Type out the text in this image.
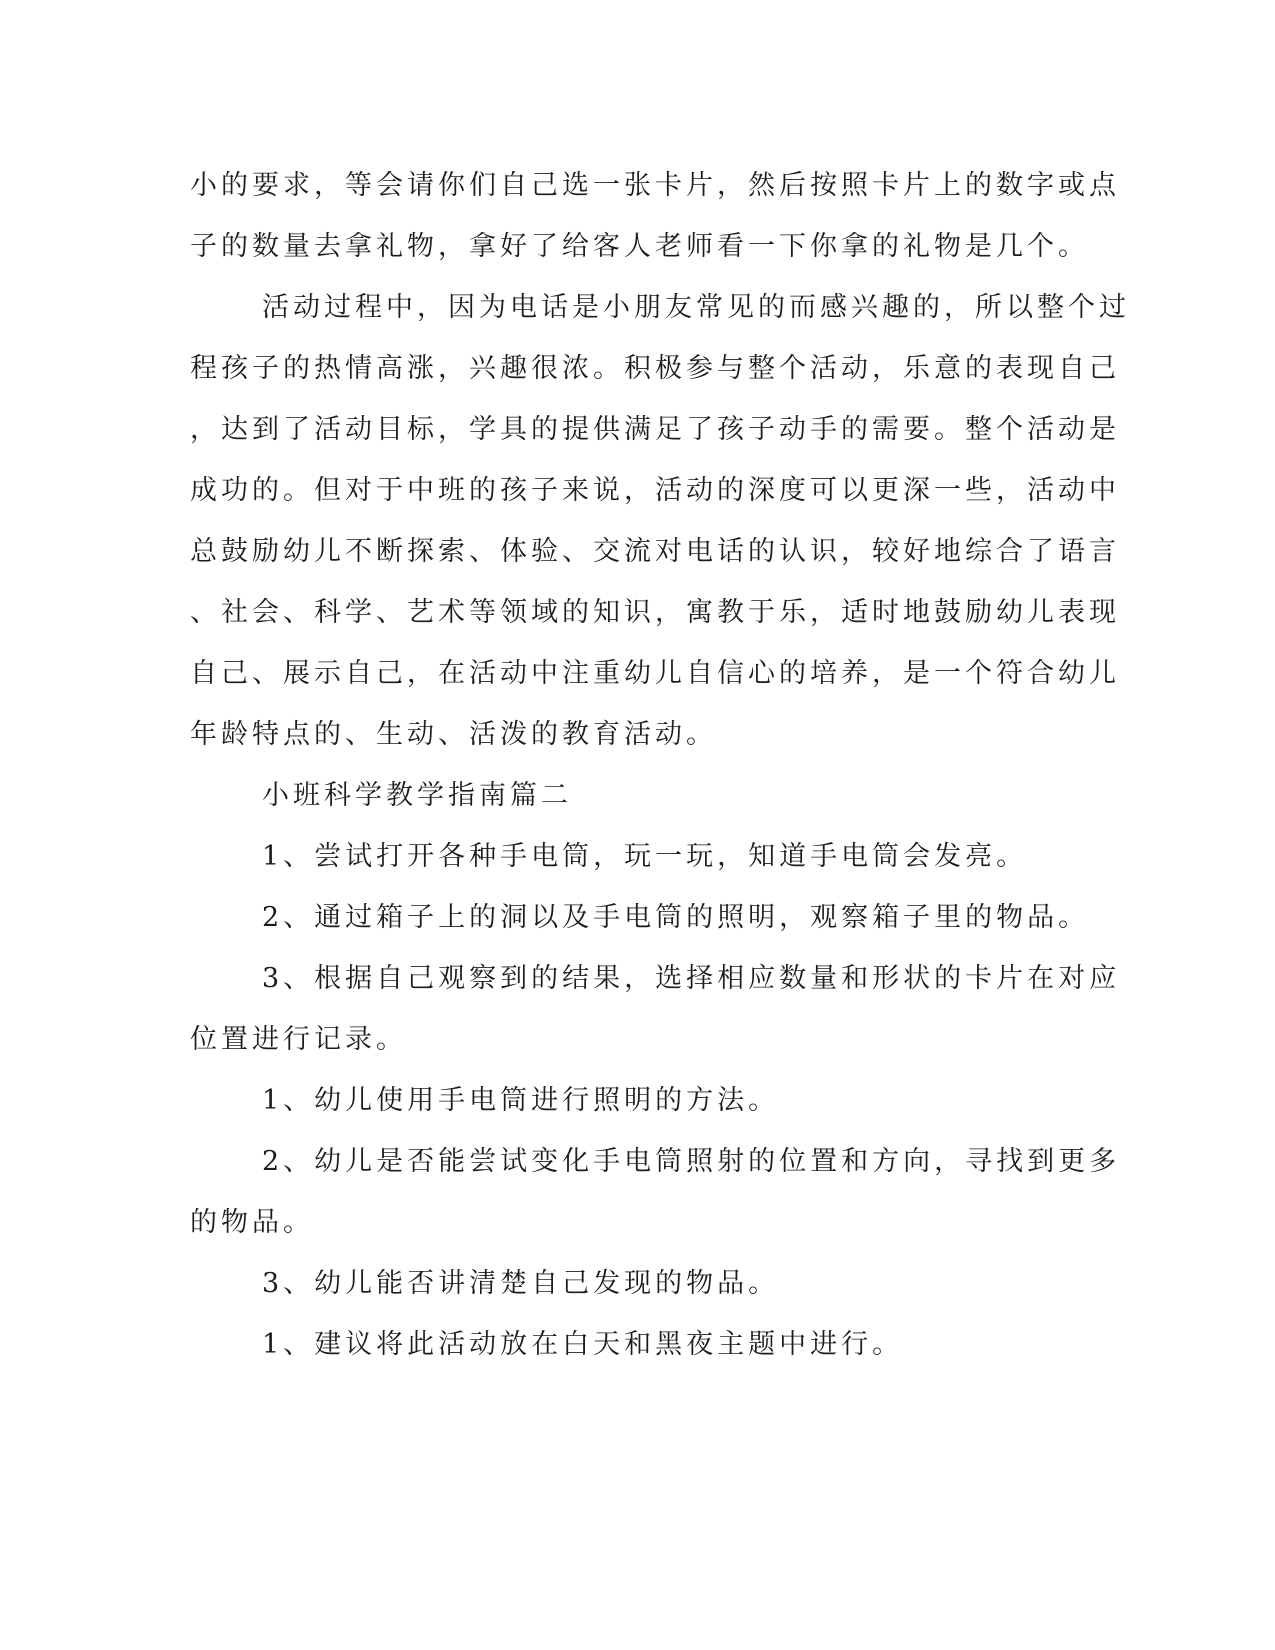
小的要求，等会请你们自己选一张卡片，然后按照卡片上的数字或点
子的数量去拿礼物，拿好了给客人老师看一下你拿的礼物是几个。
活动过程中，因为电话是小朋友常见的而感兴趣的，所以整个过
程孩子的热情高涨，兴趣很浓。积极参与整个活动，乐意的表现自己
，达到了活动目标，学具的提供满足了孩子动手的需要。整个活动是
成功的。但对于中班的孩子来说，活动的深度可以更深一些，活动中
总鼓励幼儿不断探索、体验、交流对电话的认识，较好地综合了语言
、社会、科学、艺术等领域的知识，寓教于乐，适时地鼓励幼儿表现
自己、展示自己，在活动中注重幼儿自信心的培养，是一个符合幼儿
年龄特点的、生动、活泼的教育活动。
小班科学教学指南篇二
1、尝试打开各种手电筒，玩一玩，知道手电筒会发亮。
2、通过箱子上的洞以及手电筒的照明，观察箱子里的物品。
3、根据自己观察到的结果，选择相应数量和形状的卡片在对应
位置进行记录。
1、幼儿使用手电筒进行照明的方法。
2、幼儿是否能尝试变化手电筒照射的位置和方向，寻找到更多
的物品。
3、幼儿能否讲清楚自己发现的物品。
1、建议将此活动放在白天和黑夜主题中进行。
